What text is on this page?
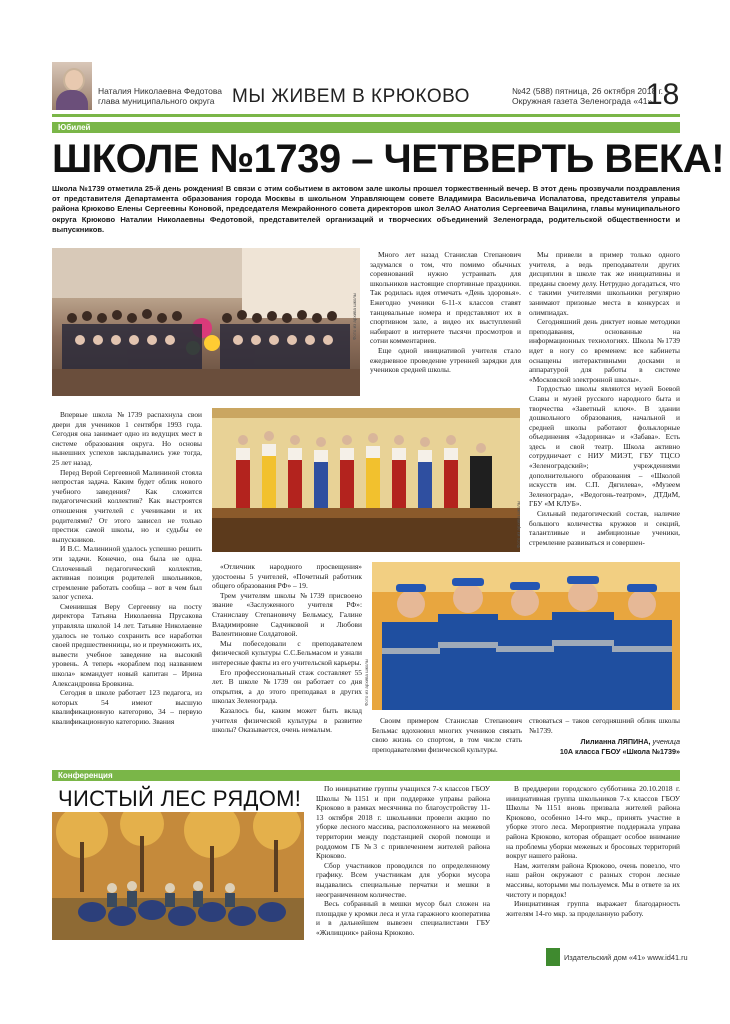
Наталия Николаевна Федотова
глава муниципального округа МЫ ЖИВЕМ В КРЮКОВО	№42 (588) пятница, 26 октября 2018 г.
Окружная газета Зеленограда «41»
18
Юбилей
ШКОЛЕ №1739 – ЧЕТВЕРТЬ ВЕКА!
Школа №1739 отметила 25-й день рождения! В связи с этим событием в актовом зале школы прошел торжественный вечер. В этот день прозвучали поздравления от представителя Департамента образования города Москвы в школьном Управляющем совете Владимира Васильевича Испалатова, представителя управы района Крюково Елены Сергеевны Коновой, председателя Межрайонного совета директоров школ ЗелАО Анатолия Сергеевича Вацилина, главы муниципального округа Крюково Наталии Николаевны Федотовой, представителей организаций и творческих объединений Зеленограда, родительской общественности и выпускников.
Фото из архива школы

Много лет назад Станислав Степанович задумался о том, что помимо обычных соревнований нужно устраивать для школьников настоящие спортивные праздники. Так родилась идея отмечать «День здоровья». Ежегодно ученики 6-11-х классов ставят танцевальные номера и представляют их в спортивном зале, а видео их выступлений набирают в интернете тысячи просмотров и сотни комментариев.

Еще одной инициативой учителя стало ежедневное проведение утренней зарядки для учеников средней школы.

Мы привели в пример только одного учителя, а ведь преподаватели других дисциплин в школе так же инициативны и преданы своему делу. Нетрудно догадаться, что с такими учителями школьники регулярно занимают призовые места в конкурсах и олимпиадах.

Сегодняшний день диктует новые методики преподавания, основанные на информационных технологиях. Школа №1739 идет в ногу со временем: все кабинеты оснащены интерактивными досками и аппаратурой для работы в системе «Московской электронной школы».

Гордостью школы являются музей Боевой Славы и музей русского народного быта и творчества «Заветный ключ». В здании дошкольного образования, начальной и средней школы работают фольклорные объединения «Задоринка» и «Забава». Есть здесь и свой театр. Школа активно сотрудничает с НИУ МИЭТ, ГБУ ТЦСО «Зеленоградский»; учреждениями дополнительного образования – «Школой искусств им. С.П. Дягилева», «Музеем Зеленограда», «Ведогонь-театром», ДТДиМ, ГБУ «М КЛУБ».

Сильный педагогический состав, наличие большого количества кружков и секций, талантливые и амбициозные ученики, стремление развиваться и совершен-

Впервые школа №1739 распахнула свои двери для учеников 1 сентября 1993 года. Сегодня она занимает одно из ведущих мест в системе образования округа. Но основы нынешних успехов закладывались уже тогда, 25 лет назад.

Перед Верой Сергеевной Малининой стояла непростая задача. Каким будет облик нового учебного заведения? Как сложится педагогический коллектив? Как выстроятся отношения учителей с учениками и их родителями? От этого зависел не только престиж самой школы, но и судьбы ее выпускников.

И В.С. Малининой удалось успешно решить эти задачи. Конечно, она была не одна. Сплоченный педагогический коллектив, активная позиция родителей школьников, стремление работать сообща – вот в чем был залог успеха.

Сменившая Веру Сергеевну на посту директора Татьяна Николаевна Прусакова управляла школой 14 лет. Татьяне Николаевне удалось не только сохранить все наработки своей предшественницы, но и преумножить их, вывести учебное заведение на высокий уровень. А теперь «кораблем под названием школа» командует новый капитан – Ирина Александровна Бровкина.

Сегодня в школе работает 123 педагога, из которых 54 имеют высшую квалификационную категорию, 34 – первую квалификационную категорию. Звания

Фото из архива школы

«Отличник народного просвещения» удостоены 5 учителей, «Почетный работник общего образования РФ» – 19.

Трем учителям школы №1739 присвоено звание «Заслуженного учителя РФ»: Станиславу Степановичу Бельмасу, Галине Владимировне Садчиковой и Любови Валентиновне Солдатовой.

Мы побеседовали с преподавателем физической культуры С.С.Бельмасом и узнали интересные факты из его учительской карьеры.

Его профессиональный стаж составляет 55 лет. В школе №1739 он работает со дня открытия, а до этого преподавал в других школах Зеленограда.

Казалось бы, каким может быть вклад учителя физической культуры в развитие школы? Оказывается, очень немалым.

Фото из архива школы

Своим примером Станислав Степанович Бельмас вдохновил многих учеников связать свою жизнь со спортом, в том числе стать преподавателями физической культуры.

ствоваться – таков сегодняшний облик школы №1739.

Лилианна ЛЯПИНА, ученица
10А класса ГБОУ «Школа №1739»
Конференция
ЧИСТЫЙ ЛЕС РЯДОМ!	По инициативе группы учащихся 7-х классов ГБОУ Школы №1151 и при поддержке управы района Крюково в рамках месячника по благоустройству 11-13 октября 2018 г. школьники провели акцию по уборке лесного массива, расположенного на межевой территории между подстанцией скорой помощи и роддомом ГБ №3 с привлечением жителей района Крюково.

Сбор участников проводился по определенному графику. Всем участникам для уборки мусора выдавались специальные перчатки и мешки в неограниченном количестве.

Весь собранный в мешки мусор был сложен на площадке у кромки леса и угла гаражного кооператива и в дальнейшем вывезен специалистами ГБУ «Жилищник» района Крюково.

В преддверии городского субботника 20.10.2018 г. инициативная группа школьников 7-х классов ГБОУ Школы №1151 вновь призвала жителей района Крюково, особенно 14-го мкр., принять участие в уборке этого леса. Мероприятие поддержала управа района Крюково, которая обращает особое внимание на проблемы уборки межевых и бросовых территорий вокруг нашего района.

Нам, жителям района Крюково, очень повезло, что наш район окружают с разных сторон лесные массивы, которыми мы пользуемся. Мы в ответе за их чистоту и порядок!

Инициативная группа выражает благодарность жителям 14-го мкр. за проделанную работу.

Издательский дом «41» www.id41.ru
